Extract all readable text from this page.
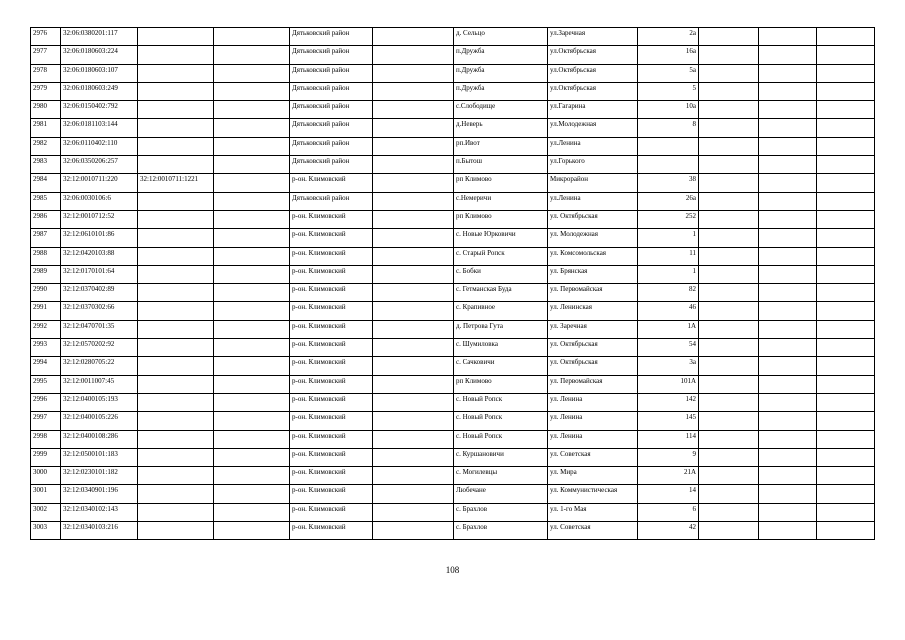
2976	32:06:0380201:117			Дятьковский район		д. Сельцо	ул.Заречная	2а			
2977	32:06:0180603:224			Дятьковский район		п.Дружба	ул.Октябрьская	16а			
2978	32:06:0180603:107			Дятьковский район		п.Дружба	ул.Октябрьская	5а			
2979	32:06:0180603:249			Дятьковский район		п.Дружба	ул.Октябрьская	5			
2980	32:06:0150402:792			Дятьковский район		с.Слободище	ул.Гагарина	10а			
2981	32:06:0181103:144			Дятьковский район		д.Неверь	ул.Молодежная	8			
2982	32:06:0110402:110			Дятьковский район		рп.Ивот	ул.Ленина				
2983	32:06:0350206:257			Дятьковский район		п.Бытош	ул.Горького				
2984	32:12:0010711:220	32:12:0010711:1221		р-он. Климовский		рп Климово	Микрорайон	38			
2985	32:06:0030106:6			Дятьковский район		с.Немеричи	ул.Ленина	26а			
2986	32:12:0010712:52			р-он. Климовский		рп Климово	ул. Октябрьская	252			
2987	32:12:0610101:86			р-он. Климовский		с. Новые Юрковичи	ул. Молодежная	1			
2988	32:12:0420103:88			р-он. Климовский		с. Старый Ропск	ул. Комсомольская	11			
2989	32:12:0170101:64			р-он. Климовский		с. Бобки	ул. Брянская	1			
2990	32:12:0370402:89			р-он. Климовский		с. Гетманская Буда	ул. Первомайская	82			
2991	32:12:0370302:66			р-он. Климовский		с. Крапивное	ул. Ленинская	46			
2992	32:12:0470701:35			р-он. Климовский		д. Петрова Гута	ул. Заречная	1А			
2993	32:12:0570202:92			р-он. Климовский		с. Шумиловка	ул. Октябрьская	54			
2994	32:12:0280705:22			р-он. Климовский		с. Сачковичи	ул. Октябрьская	3а			
2995	32:12:0011007:45			р-он. Климовский		рп Климово	ул. Первомайская	101А			
2996	32:12:0400105:193			р-он. Климовский		с. Новый Ропск	ул. Ленина	142			
2997	32:12:0400105:226			р-он. Климовский		с. Новый Ропск	ул. Ленина	145			
2998	32:12:0400108:286			р-он. Климовский		с. Новый Ропск	ул. Ленина	114			
2999	32:12:0500101:183			р-он. Климовский		с. Куршановичи	ул. Советская	9			
3000	32:12:0230101:182			р-он. Климовский		с. Могилевцы	ул. Мира	21А			
3001	32:12:0340901:196			р-он. Климовский		Любечане	ул. Коммунистическая	14			
3002	32:12:0340102:143			р-он. Климовский		с. Брахлов	ул. 1-го Мая	6			
3003	32:12:0340103:216			р-он. Климовский		с. Брахлов	ул. Советская	42			
108
